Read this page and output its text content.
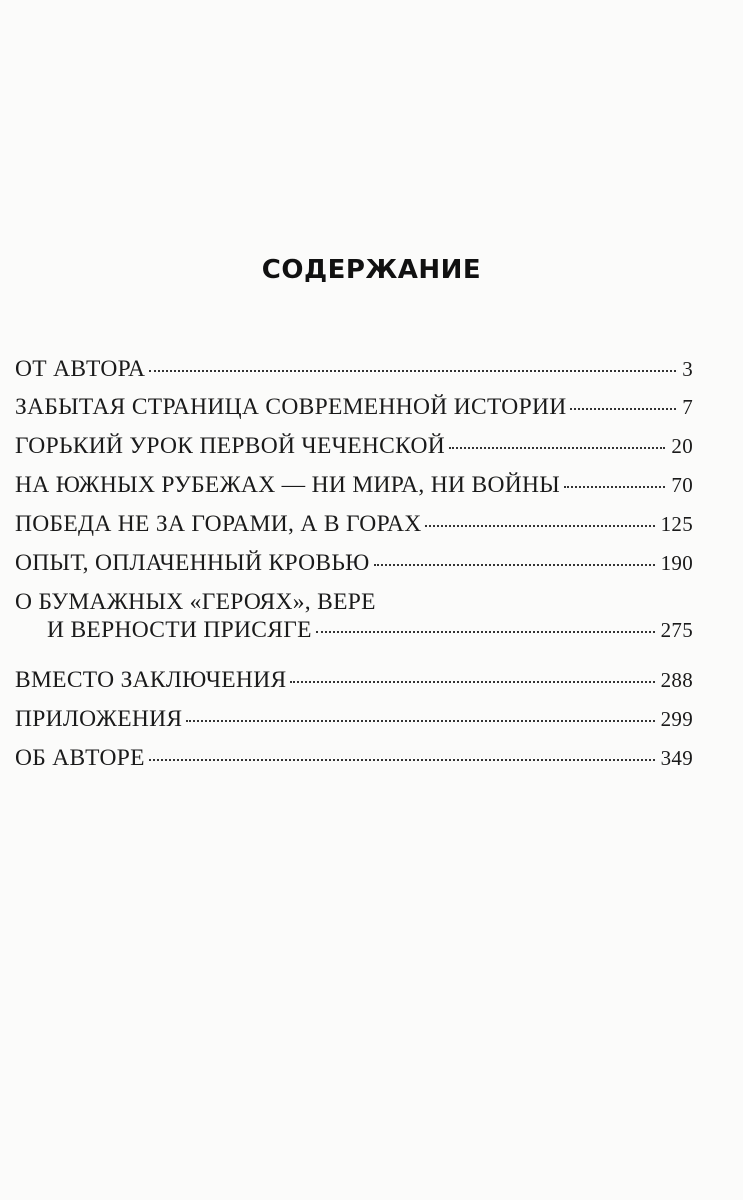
СОДЕРЖАНИЕ
ОТ АВТОРА	3
ЗАБЫТАЯ СТРАНИЦА СОВРЕМЕННОЙ ИСТОРИИ	7
ГОРЬКИЙ УРОК ПЕРВОЙ ЧЕЧЕНСКОЙ	20
НА ЮЖНЫХ РУБЕЖАХ — НИ МИРА, НИ ВОЙНЫ	70
ПОБЕДА НЕ ЗА ГОРАМИ, А В ГОРАХ	125
ОПЫТ, ОПЛАЧЕННЫЙ КРОВЬЮ	190
О БУМАЖНЫХ «ГЕРОЯХ», ВЕРЕ
И ВЕРНОСТИ ПРИСЯГЕ	275
ВМЕСТО ЗАКЛЮЧЕНИЯ	288
ПРИЛОЖЕНИЯ	299
ОБ АВТОРЕ	349
